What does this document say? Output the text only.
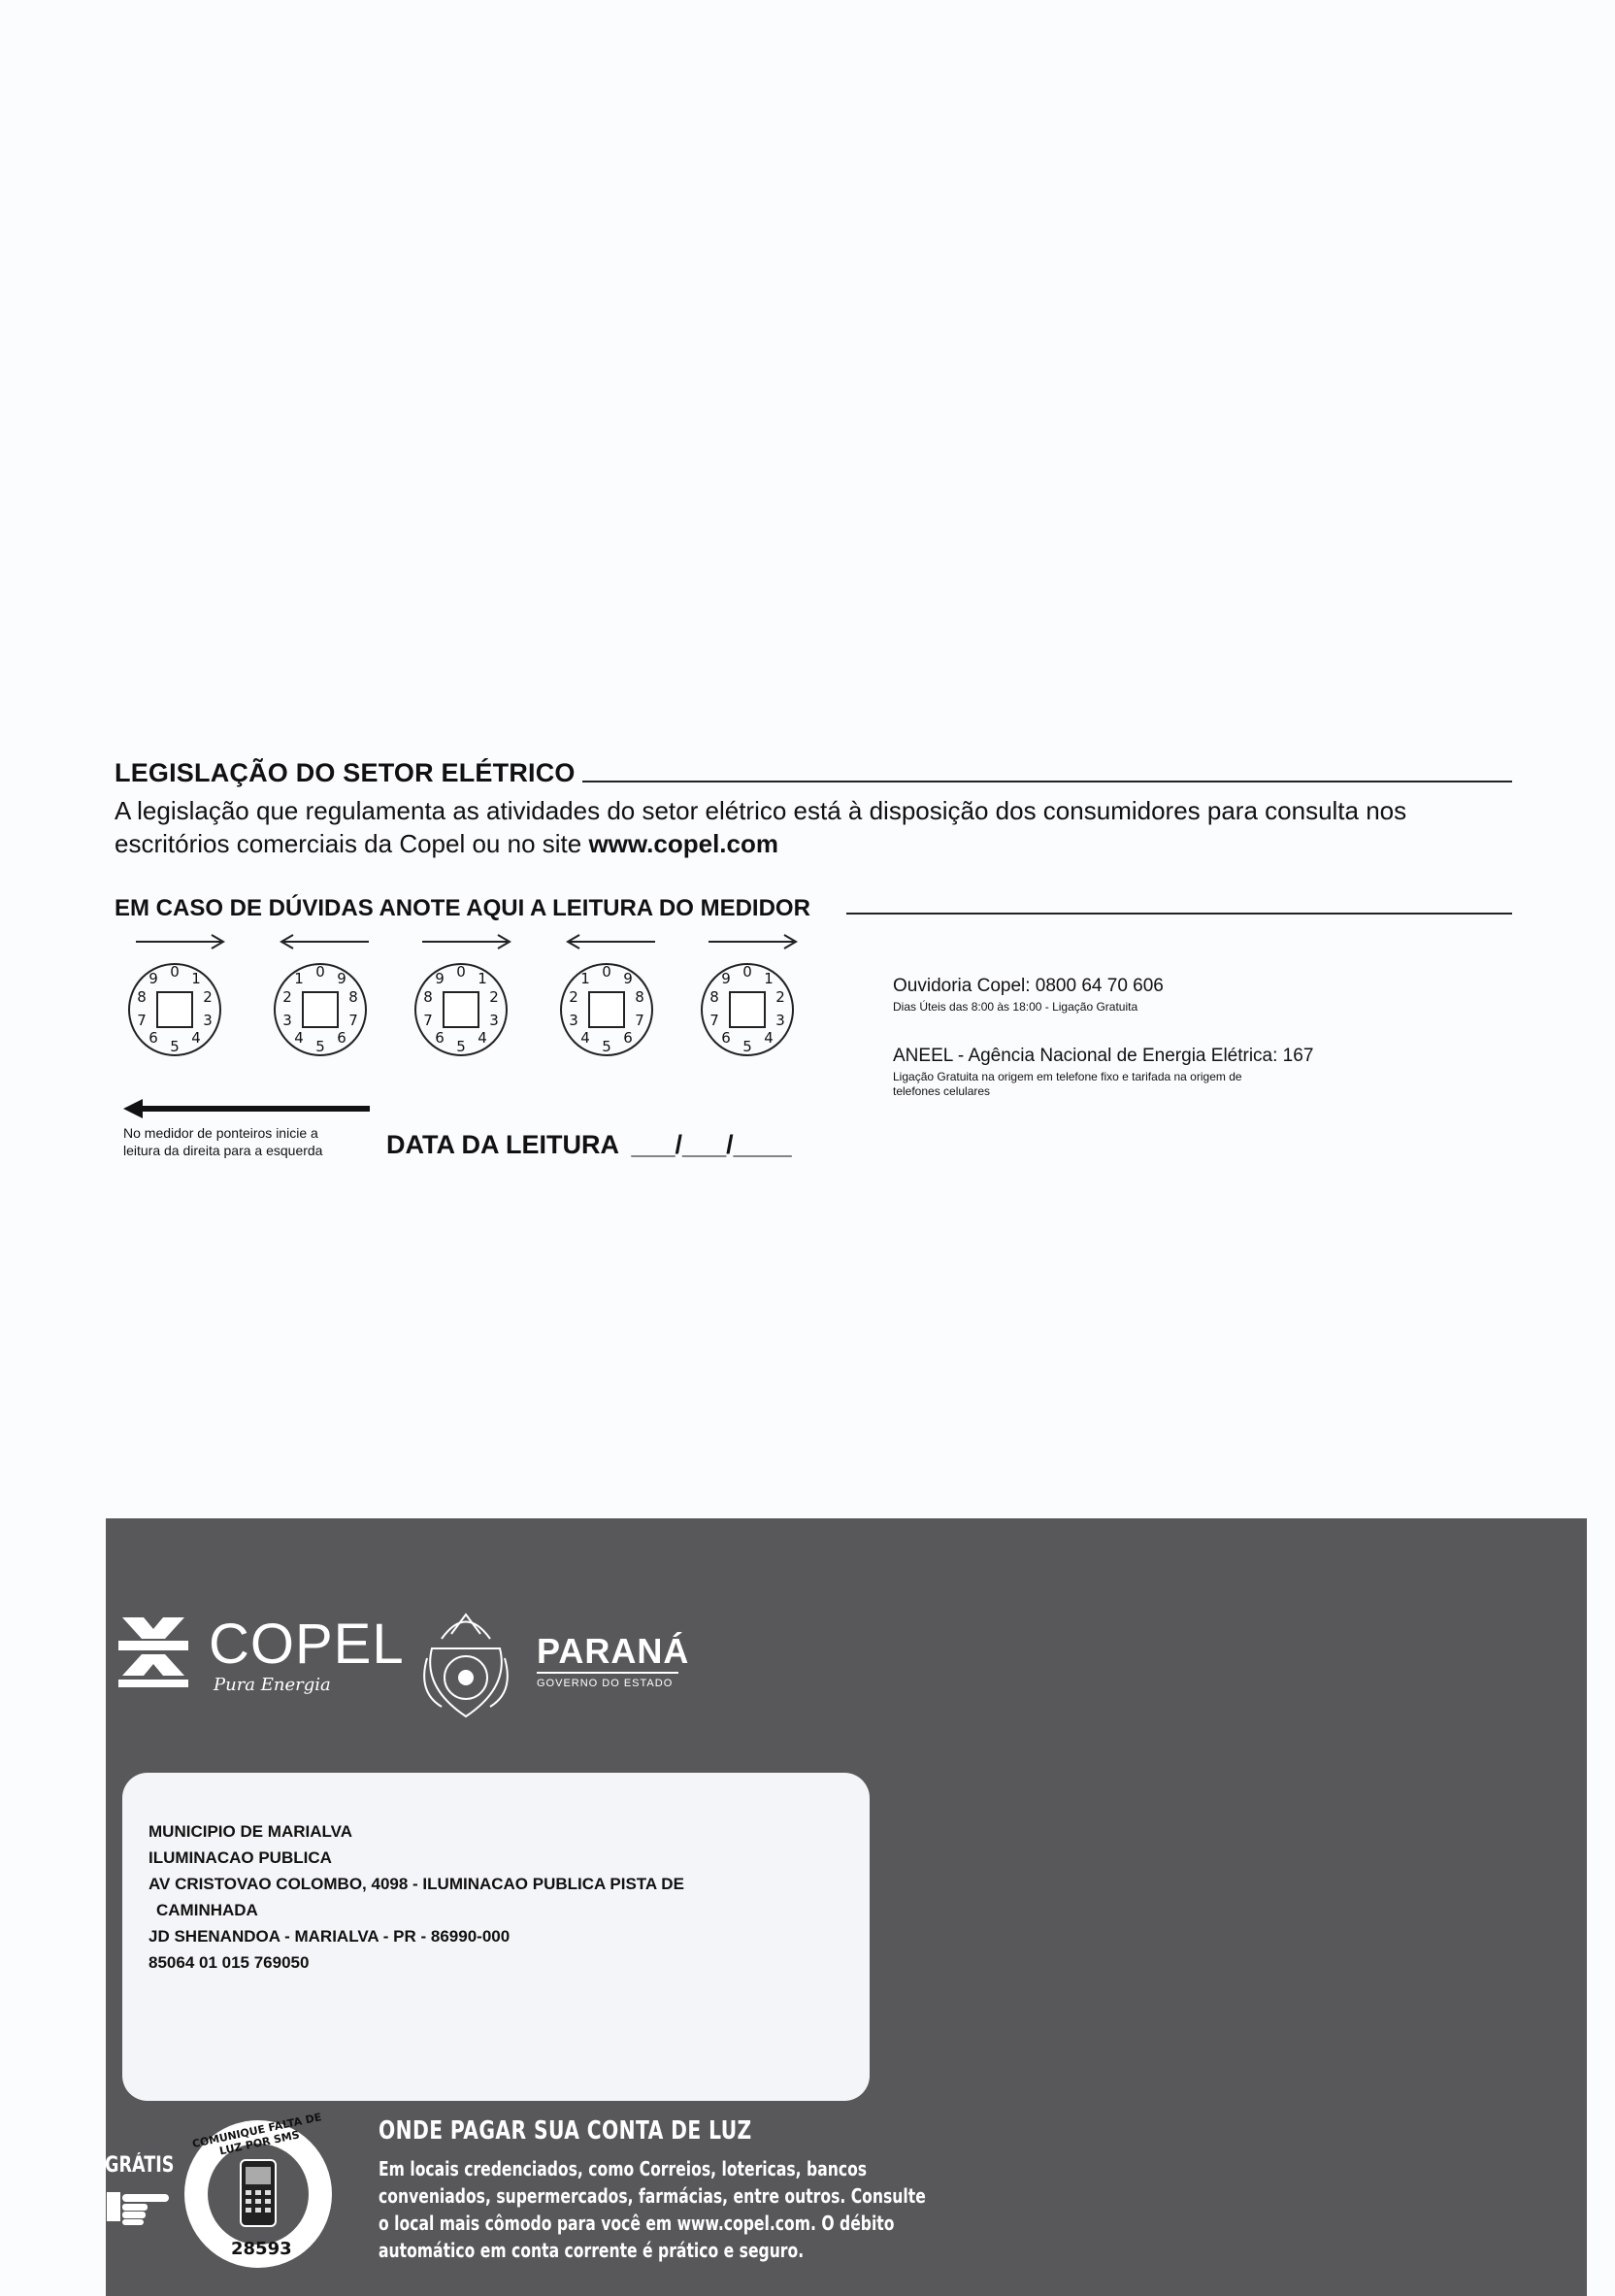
LEGISLAÇÃO DO SETOR ELÉTRICO
A legislação que regulamenta as atividades do setor elétrico está à disposição dos consumidores para consulta nos
escritórios comerciais da Copel ou no site www.copel.com
EM CASO DE DÚVIDAS ANOTE AQUI A LEITURA DO MEDIDOR
0 1
2
3
4
5
6
7
8
9	0 9
8
7
6
5
4
3
2
1	0 1
2
3
4
5
6
7
8
9	0 9
8
7
6
5
4
3
2
1	0 1
2
3
4
5
6
7
8
9
No medidor de ponteiros inicie a
leitura da direita para a esquerda DATA DA LEITURA ___/___/____
Ouvidoria Copel: 0800 64 70 606
Dias Úteis das 8:00 às 18:00 - Ligação Gratuita
ANEEL - Agência Nacional de Energia Elétrica: 167
Ligação Gratuita na origem em telefone fixo e tarifada na origem de
telefones celulares
COPEL
Pura Energia
PARANÁ
GOVERNO DO ESTADO
MUNICIPIO DE MARIALVA
ILUMINACAO PUBLICA
AV CRISTOVAO COLOMBO, 4098 - ILUMINACAO PUBLICA PISTA DE
CAMINHADA
JD SHENANDOA - MARIALVA - PR - 86990-000
85064 01 015 769050
GRÁTIS
COMUNIQUE FALTA DE LUZ POR SMS
28593
ONDE PAGAR SUA CONTA DE LUZ
Em locais credenciados, como Correios, lotericas, bancos
conveniados, supermercados, farmácias, entre outros. Consulte
o local mais cômodo para você em www.copel.com. O débito
automático em conta corrente é prático e seguro.
